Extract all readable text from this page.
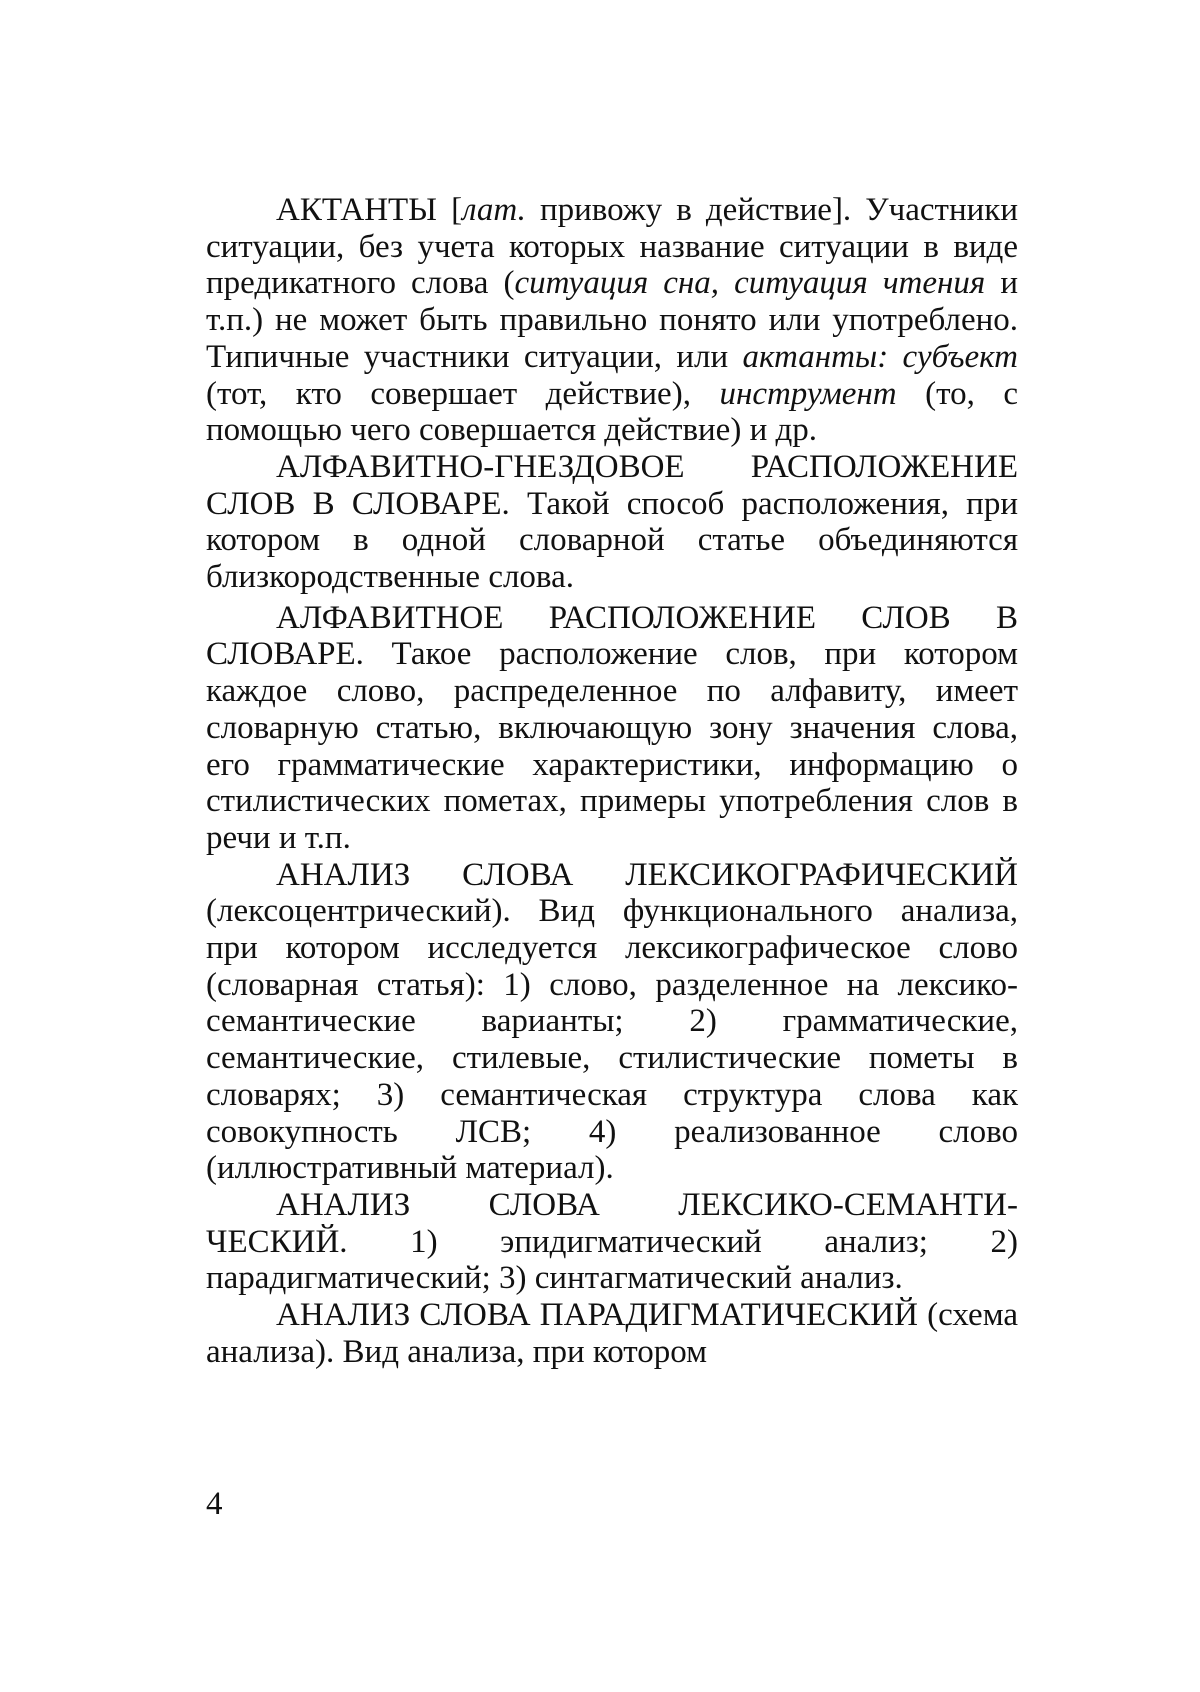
АКТАНТЫ [лат. привожу в действие]. Участники ситуации, без учета которых название ситуации в виде предикатного слова (ситуация сна, ситуация чтения и т.п.) не может быть правильно понято или употреблено. Типичные участники ситуации, или актанты: субъект (тот, кто совершает действие), инструмент (то, с помощью чего совершается действие) и др.

АЛФАВИТНО-ГНЕЗДОВОЕ РАСПОЛОЖЕНИЕ СЛОВ В СЛОВАРЕ. Такой способ расположения, при котором в одной словарной статье объединяются близкородственные слова.

АЛФАВИТНОЕ РАСПОЛОЖЕНИЕ СЛОВ В СЛОВАРЕ. Такое расположение слов, при котором каждое слово, распределенное по алфавиту, имеет словарную статью, включающую зону значения слова, его грамматические характеристики, информацию о стилистических пометах, примеры употребления слов в речи и т.п.

АНАЛИЗ СЛОВА ЛЕКСИКОГРАФИЧЕСКИЙ (лексоцентрический). Вид функционального анализа, при котором исследуется лексикографическое слово (словарная статья): 1) слово, разделенное на лексико-семантические варианты; 2) грамматические, семантические, стилевые, стилистические пометы в словарях; 3) семантическая структура слова как совокупность ЛСВ; 4) реализованное слово (иллюстративный материал).

АНАЛИЗ СЛОВА ЛЕКСИКО-СЕМАНТИ-ЧЕСКИЙ. 1) эпидигматический анализ; 2) парадигматический; 3) синтагматический анализ.

АНАЛИЗ СЛОВА ПАРАДИГМАТИЧЕСКИЙ (схема анализа). Вид анализа, при котором

4
